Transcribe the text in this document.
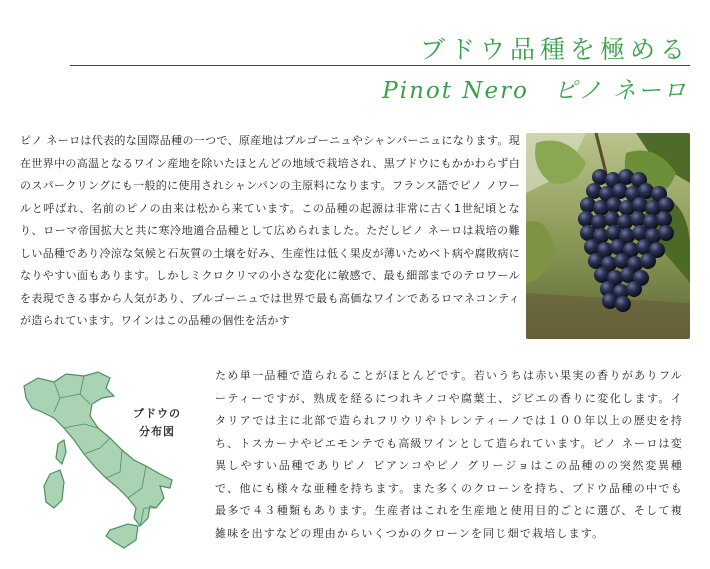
ブドウ品種を極める
Pinot Nero　ピノ ネーロ

ピノ ネーロは代表的な国際品種の一つで、原産地はブルゴーニュやシャンパーニュになります。現在世界中の高温となるワイン産地を除いたほとんどの地域で栽培され、黒ブドウにもかかわらず白のスパークリングにも一般的に使用されシャンパンの主原料になります。フランス語でピノ ノワールと呼ばれ、名前のピノの由来は松から来ています。この品種の起源は非常に古く1世紀頃となり、ローマ帝国拡大と共に寒冷地適合品種として広められました。ただしピノ ネーロは栽培の難しい品種であり冷涼な気候と石灰質の土壌を好み、生産性は低く果皮が薄いためベト病や腐敗病になりやすい面もあります。しかしミクロクリマの小さな変化に敏感で、最も細部までのテロワールを表現できる事から人気があり、ブルゴーニュでは世界で最も高価なワインであるロマネコンティが造られています。ワインはこの品種の個性を活かす

ブドウの
分布図

ため単一品種で造られることがほとんどです。若いうちは赤い果実の香りがありフルーティーですが、熟成を経るにつれキノコや腐葉土、ジビエの香りに変化します。イタリアでは主に北部で造られフリウリやトレンティーノでは１００年以上の歴史を持ち、トスカーナやピエモンテでも高級ワインとして造られています。ピノ ネーロは変異しやすい品種でありピノ ビアンコやピノ グリージョはこの品種のの突然変異種で、他にも様々な亜種を持ちます。また多くのクローンを持ち、ブドウ品種の中でも最多で４３種類もあります。生産者はこれを生産地と使用目的ごとに選び、そして複雑味を出すなどの理由からいくつかのクローンを同じ畑で栽培します。
